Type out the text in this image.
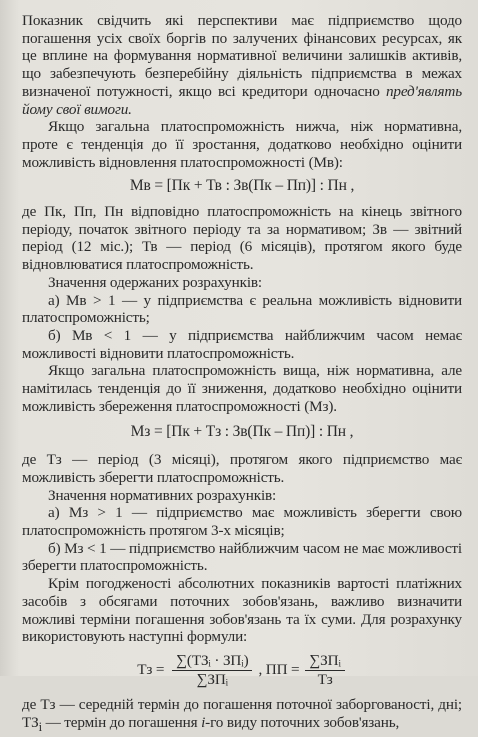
Показник свідчить які перспективи має підприємство щодо погашення усіх своїх боргів по залучених фінансових ресурсах, як це вплине на формування нормативної величини залишків активів, що забезпечують безперебійну діяльність підприємства в межах визначеної потужності, якщо всі кредитори одночасно пред'являть йому свої вимоги.

Якщо загальна платоспроможність нижча, ніж нормативна, проте є тенденція до її зростання, додатково необхідно оцінити можливість відновлення платоспроможності (Мв):

Мв = [Пк + Тв : Зв(Пк – Пп)] : Пн ,

де Пк, Пп, Пн відповідно платоспроможність на кінець звітного періоду, початок звітного періоду та за нормативом; Зв — звітний період (12 міс.); Тв — період (6 місяців), протягом якого буде відновлюватися платоспроможність.

Значення одержаних розрахунків:

а) Мв > 1 — у підприємства є реальна можливість відновити платоспроможність;

б) Мв < 1 — у підприємства найближчим часом немає можливості відновити платоспроможність.

Якщо загальна платоспроможність вища, ніж нормативна, але намітилась тенденція до її зниження, додатково необхідно оцінити можливість збереження платоспроможності (Мз).

Мз = [Пк + Тз : Зв(Пк – Пп)] : Пн ,

де Тз — період (3 місяці), протягом якого підприємство має можливість зберегти платоспроможність.

Значення нормативних розрахунків:

а) Мз > 1 — підприємство має можливість зберегти свою платоспроможність протягом 3-х місяців;

б) Мз < 1 — підприємство найближчим часом не має можливості зберегти платоспроможність.

Крім погодженості абсолютних показників вартості платіжних засобів з обсягами поточних зобов'язань, важливо визначити можливі терміни погашення зобов'язань та їх суми. Для розрахунку використовують наступні формули:

Тз = $\frac{\text{∑(ТЗᵢ · ЗПᵢ)}}{\text{∑ЗПᵢ}}$ , ПП = $\frac{\text{∑ЗПᵢ}}{Тз}$

де Тз — середній термін до погашення поточної заборгованості, дні; $ТЗ_i$ — термін до погашення i-го виду поточних зобов'язань,
